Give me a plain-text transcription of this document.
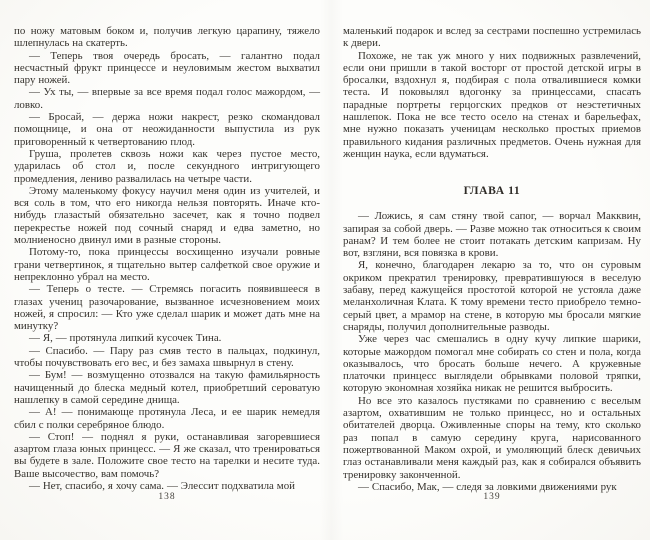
по ножу матовым боком и, получив легкую царапину, тяжело шлепнулась на скатерть.

— Теперь твоя очередь бросать, — галантно подал несчастный фрукт принцессе и неуловимым жестом выхватил пару ножей.

— Ух ты, — впервые за все время подал голос мажордом, — ловко.

— Бросай, — держа ножи накрест, резко скомандовал помощнице, и она от неожиданности выпустила из рук приговоренный к четвертованию плод.

Груша, пролетев сквозь ножи как через пустое место, ударилась об стол и, после секундного интригующего промедления, лениво развалилась на четыре части.

Этому маленькому фокусу научил меня один из учителей, и вся соль в том, что его никогда нельзя повторять. Иначе кто-нибудь глазастый обязательно засечет, как я точно подвел перекрестье ножей под сочный снаряд и едва заметно, но молниеносно двинул ими в разные стороны.

Потому-то, пока принцессы восхищенно изучали ровные грани четвертинок, я тщательно вытер салфеткой свое оружие и непреклонно убрал на место.

— Теперь о тесте. — Стремясь погасить появившееся в глазах учениц разочарование, вызванное исчезновением моих ножей, я спросил: — Кто уже сделал шарик и может дать мне на минутку?

— Я, — протянула липкий кусочек Тина.

— Спасибо. — Пару раз смяв тесто в пальцах, подкинул, чтобы почувствовать его вес, и без замаха швырнул в стену.

— Бум! — возмущенно отозвался на такую фамильярность начищенный до блеска медный котел, приобретший сероватую нашлепку в самой середине днища.

— А! — понимающе протянула Леса, и ее шарик немедля сбил с полки серебряное блюдо.

— Стоп! — поднял я руки, останавливая загоревшиеся азартом глаза юных принцесс. — Я же сказал, что тренироваться вы будете в зале. Положите свое тесто на тарелки и несите туда. Ваше высочество, вам помочь?

— Нет, спасибо, я хочу сама. — Элессит подхватила мой

138

маленький подарок и вслед за сестрами поспешно устремилась к двери.

Похоже, не так уж много у них подвижных развлечений, если они пришли в такой восторг от простой детской игры в бросалки, вздохнул я, подбирая с пола отвалившиеся комки теста. И поковылял вдогонку за принцессами, спасать парадные портреты герцогских предков от неэстетичных нашлепок. Пока не все тесто осело на стенах и барельефах, мне нужно показать ученицам несколько простых приемов правильного кидания различных предметов. Очень нужная для женщин наука, если вдуматься.

ГЛАВА 11

— Ложись, я сам стяну твой сапог, — ворчал Макквин, запирая за собой дверь. — Разве можно так относиться к своим ранам? И тем более не стоит потакать детским капризам. Ну вот, взгляни, вся повязка в крови.

Я, конечно, благодарен лекарю за то, что он суровым окриком прекратил тренировку, превратившуюся в веселую забаву, перед кажущейся простотой которой не устояла даже меланхоличная Клата. К тому времени тесто приобрело темно-серый цвет, а мрамор на стене, в которую мы бросали мягкие снаряды, получил дополнительные разводы.

Уже через час смешались в одну кучу липкие шарики, которые мажордом помогал мне собирать со стен и пола, когда оказывалось, что бросать больше нечего. А кружевные платочки принцесс выглядели обрывками половой тряпки, которую экономная хозяйка никак не решится выбросить.

Но все это казалось пустяками по сравнению с веселым азартом, охватившим не только принцесс, но и остальных обитателей дворца. Оживленные споры на тему, кто сколько раз попал в самую середину круга, нарисованного пожертвованной Маком охрой, и умоляющий блеск девичьих глаз останавливали меня каждый раз, как я собирался объявить тренировку законченной.

— Спасибо, Мак, — следя за ловкими движениями рук

139
